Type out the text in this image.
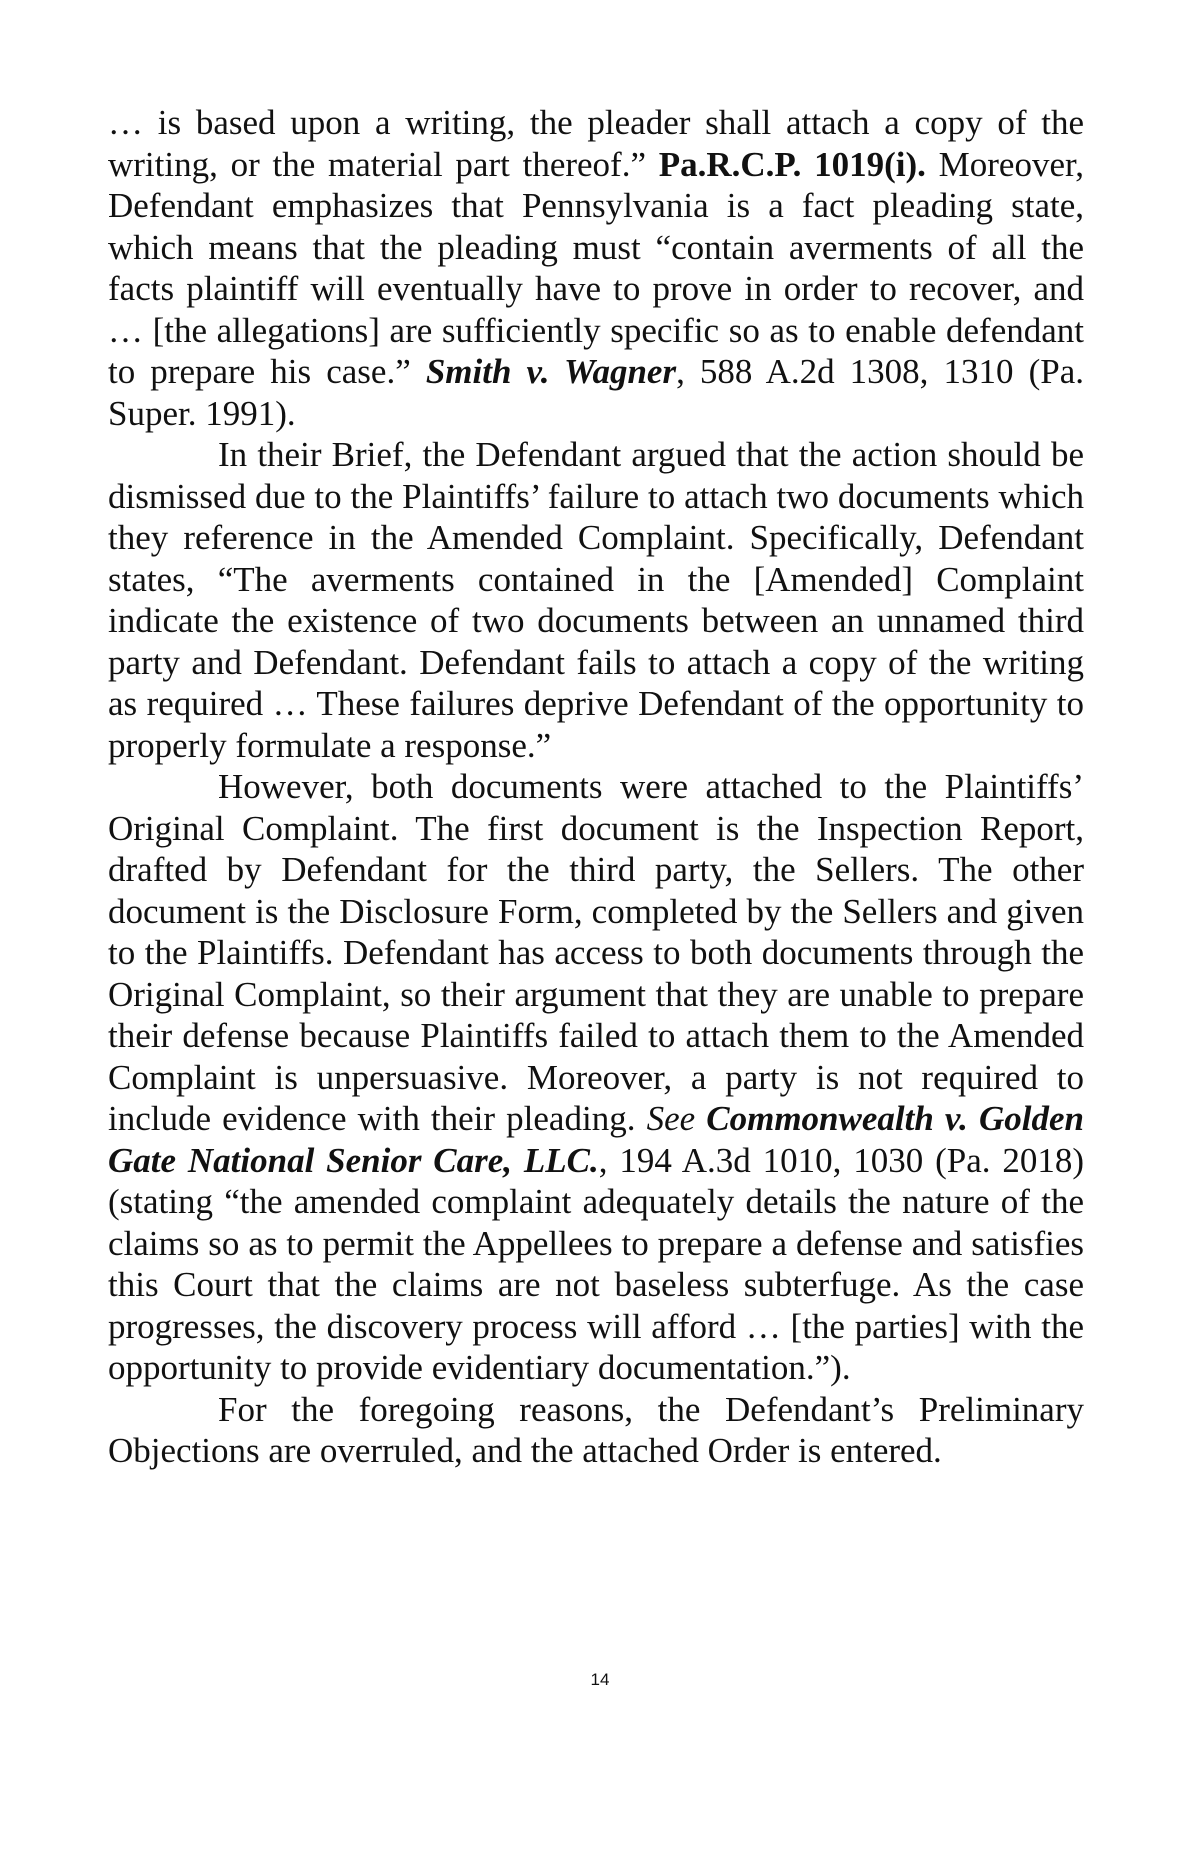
… is based upon a writing, the pleader shall attach a copy of the writing, or the material part thereof.” Pa.R.C.P. 1019(i). Moreover, Defendant emphasizes that Pennsylvania is a fact pleading state, which means that the pleading must “contain averments of all the facts plaintiff will eventually have to prove in order to recover, and … [the allegations] are sufficiently specific so as to enable defendant to prepare his case.” Smith v. Wagner, 588 A.2d 1308, 1310 (Pa. Super. 1991).

In their Brief, the Defendant argued that the action should be dismissed due to the Plaintiffs’ failure to attach two documents which they reference in the Amended Complaint. Specifically, Defendant states, “The averments contained in the [Amended] Complaint indicate the existence of two documents between an unnamed third party and Defendant. Defendant fails to attach a copy of the writing as required … These failures deprive Defendant of the opportunity to properly formulate a response.”

However, both documents were attached to the Plaintiffs’ Original Complaint. The first document is the Inspection Report, drafted by Defendant for the third party, the Sellers. The other document is the Disclosure Form, completed by the Sellers and given to the Plaintiffs. Defendant has access to both documents through the Original Complaint, so their argument that they are unable to prepare their defense because Plaintiffs failed to attach them to the Amended Complaint is unpersuasive. Moreover, a party is not required to include evidence with their pleading. See Commonwealth v. Golden Gate National Senior Care, LLC., 194 A.3d 1010, 1030 (Pa. 2018) (stating “the amended complaint adequately details the nature of the claims so as to permit the Appellees to prepare a defense and satisfies this Court that the claims are not baseless subterfuge. As the case progresses, the discovery process will afford … [the parties] with the opportunity to provide evidentiary documentation.”).

For the foregoing reasons, the Defendant’s Preliminary Objections are overruled, and the attached Order is entered.

14
